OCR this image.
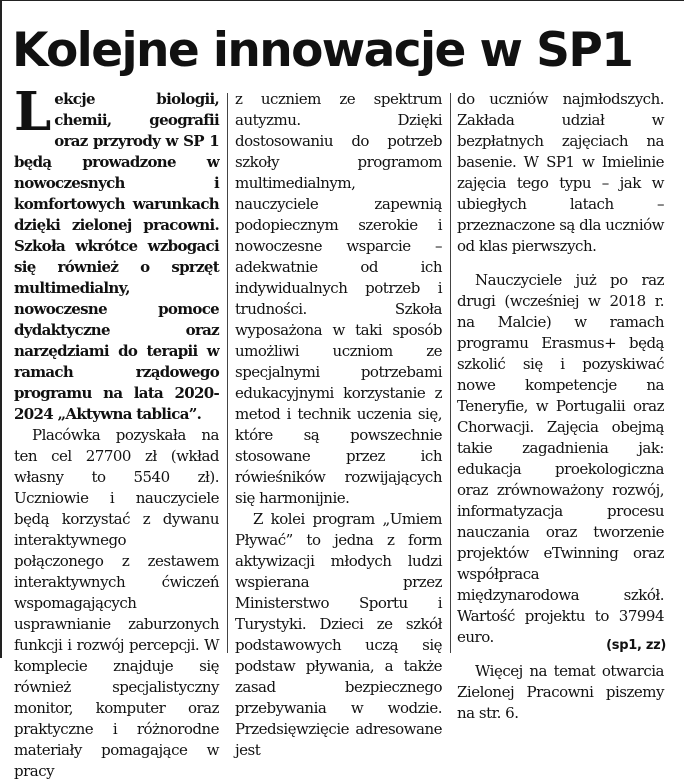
Kolejne innowacje w SP1

Lekcje biologii, chemii, geografii oraz przyrody w SP 1 będą prowadzone w nowoczesnych i komfortowych warunkach dzięki zielonej pracowni. Szkoła wkrótce wzbogaci się również o sprzęt multimedialny, nowoczesne pomoce dydaktyczne oraz narzędziami do terapii w ramach rządowego programu na lata 2020-2024 „Aktywna tablica”.

Placówka pozyskała na ten cel 27700 zł (wkład własny to 5540 zł). Uczniowie i nauczyciele będą korzystać z dywanu interaktywnego połączonego z zestawem interaktywnych ćwiczeń wspomagających usprawnianie zaburzonych funkcji i rozwój percepcji. W komplecie znajduje się również specjalistyczny monitor, komputer oraz praktyczne i różnorodne materiały pomagające w pracy

z uczniem ze spektrum autyzmu. Dzięki dostosowaniu do potrzeb szkoły programom multimedialnym, nauczyciele zapewnią podopiecznym szerokie i nowoczesne wsparcie – adekwatnie od ich indywidualnych potrzeb i trudności. Szkoła wyposażona w taki sposób umożliwi uczniom ze specjalnymi potrzebami edukacyjnymi korzystanie z metod i technik uczenia się, które są powszechnie stosowane przez ich rówieśników rozwijających się harmonijnie.

Z kolei program „Umiem Pływać” to jedna z form aktywizacji młodych ludzi wspierana przez Ministerstwo Sportu i Turystyki. Dzieci ze szkół podstawowych uczą się podstaw pływania, a także zasad bezpiecznego przebywania w wodzie. Przedsięwzięcie adresowane jest

do uczniów najmłodszych. Zakłada udział w bezpłatnych zajęciach na basenie. W SP1 w Imielinie zajęcia tego typu – jak w ubiegłych latach – przeznaczone są dla uczniów od klas pierwszych.

Nauczyciele już po raz drugi (wcześniej w 2018 r. na Malcie) w ramach programu Erasmus+ będą szkolić się i pozyskiwać nowe kompetencje na Teneryfie, w Portugalii oraz Chorwacji. Zajęcia obejmą takie zagadnienia jak: edukacja proekologiczna oraz zrównoważony rozwój, informatyzacja procesu nauczania oraz tworzenie projektów eTwinning oraz współpraca międzynarodowa szkół. Wartość projektu to 37994 euro.

Więcej na temat otwarcia Zielonej Pracowni piszemy na str. 6.

(sp1, zz)
